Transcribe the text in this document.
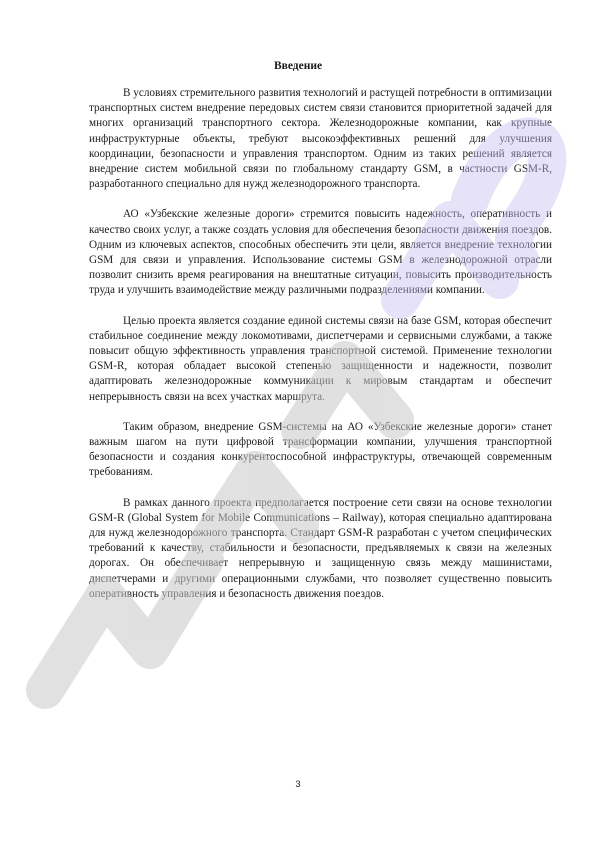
Введение

В условиях стремительного развития технологий и растущей потребности в оптимизации транспортных систем внедрение передовых систем связи становится приоритетной задачей для многих организаций транспортного сектора. Железнодорожные компании, как крупные инфраструктурные объекты, требуют высокоэффективных решений для улучшения координации, безопасности и управления транспортом. Одним из таких решений является внедрение систем мобильной связи по глобальному стандарту GSM, в частности GSM-R, разработанного специально для нужд железнодорожного транспорта.

АО «Узбекские железные дороги» стремится повысить надежность, оперативность и качество своих услуг, а также создать условия для обеспечения безопасности движения поездов. Одним из ключевых аспектов, способных обеспечить эти цели, является внедрение технологии GSM для связи и управления. Использование системы GSM в железнодорожной отрасли позволит снизить время реагирования на внештатные ситуации, повысить производительность труда и улучшить взаимодействие между различными подразделениями компании.

Целью проекта является создание единой системы связи на базе GSM, которая обеспечит стабильное соединение между локомотивами, диспетчерами и сервисными службами, а также повысит общую эффективность управления транспортной системой. Применение технологии GSM-R, которая обладает высокой степенью защищенности и надежности, позволит адаптировать железнодорожные коммуникации к мировым стандартам и обеспечит непрерывность связи на всех участках маршрута.

Таким образом, внедрение GSM-системы на АО «Узбекские железные дороги» станет важным шагом на пути цифровой трансформации компании, улучшения транспортной безопасности и создания конкурентоспособной инфраструктуры, отвечающей современным требованиям.

В рамках данного проекта предполагается построение сети связи на основе технологии GSM-R (Global System for Mobile Communications – Railway), которая специально адаптирована для нужд железнодорожного транспорта. Стандарт GSM-R разработан с учетом специфических требований к качеству, стабильности и безопасности, предъявляемых к связи на железных дорогах. Он обеспечивает непрерывную и защищенную связь между машинистами, диспетчерами и другими операционными службами, что позволяет существенно повысить оперативность управления и безопасность движения поездов.

3
